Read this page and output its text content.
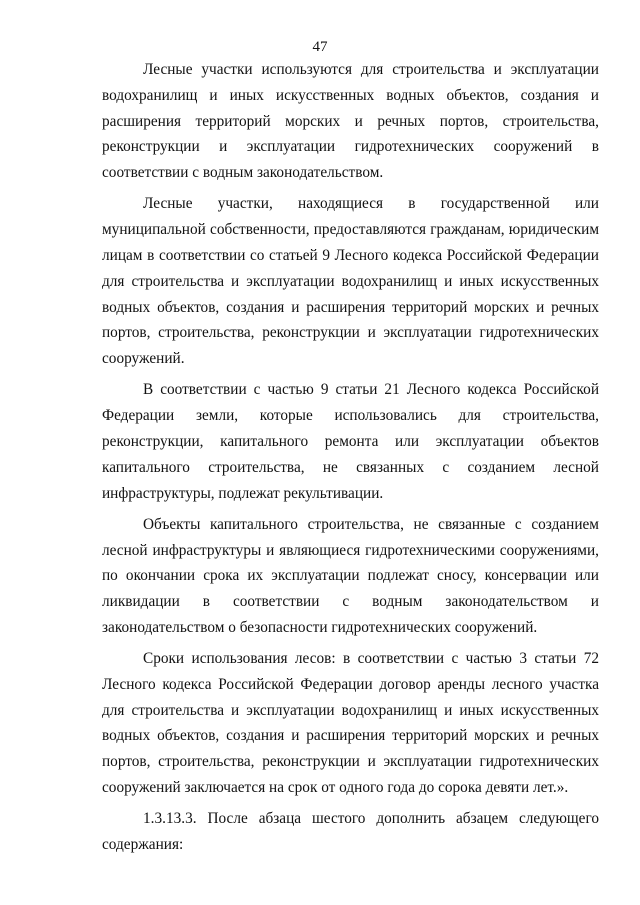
47

Лесные участки используются для строительства и эксплуатации водохранилищ и иных искусственных водных объектов, создания и расширения территорий морских и речных портов, строительства, реконструкции и эксплуатации гидротехнических сооружений в соответствии с водным законодательством.

Лесные участки, находящиеся в государственной или муниципальной собственности, предоставляются гражданам, юридическим лицам в соответствии со статьей 9 Лесного кодекса Российской Федерации для строительства и эксплуатации водохранилищ и иных искусственных водных объектов, создания и расширения территорий морских и речных портов, строительства, реконструкции и эксплуатации гидротехнических сооружений.

В соответствии с частью 9 статьи 21 Лесного кодекса Российской Федерации земли, которые использовались для строительства, реконструкции, капитального ремонта или эксплуатации объектов капитального строительства, не связанных с созданием лесной инфраструктуры, подлежат рекультивации.

Объекты капитального строительства, не связанные с созданием лесной инфраструктуры и являющиеся гидротехническими сооружениями, по окончании срока их эксплуатации подлежат сносу, консервации или ликвидации в соответствии с водным законодательством и законодательством о безопасности гидротехнических сооружений.

Сроки использования лесов: в соответствии с частью 3 статьи 72 Лесного кодекса Российской Федерации договор аренды лесного участка для строительства и эксплуатации водохранилищ и иных искусственных водных объектов, создания и расширения территорий морских и речных портов, строительства, реконструкции и эксплуатации гидротехнических сооружений заключается на срок от одного года до сорока девяти лет.».

1.3.13.3. После абзаца шестого дополнить абзацем следующего содержания:
